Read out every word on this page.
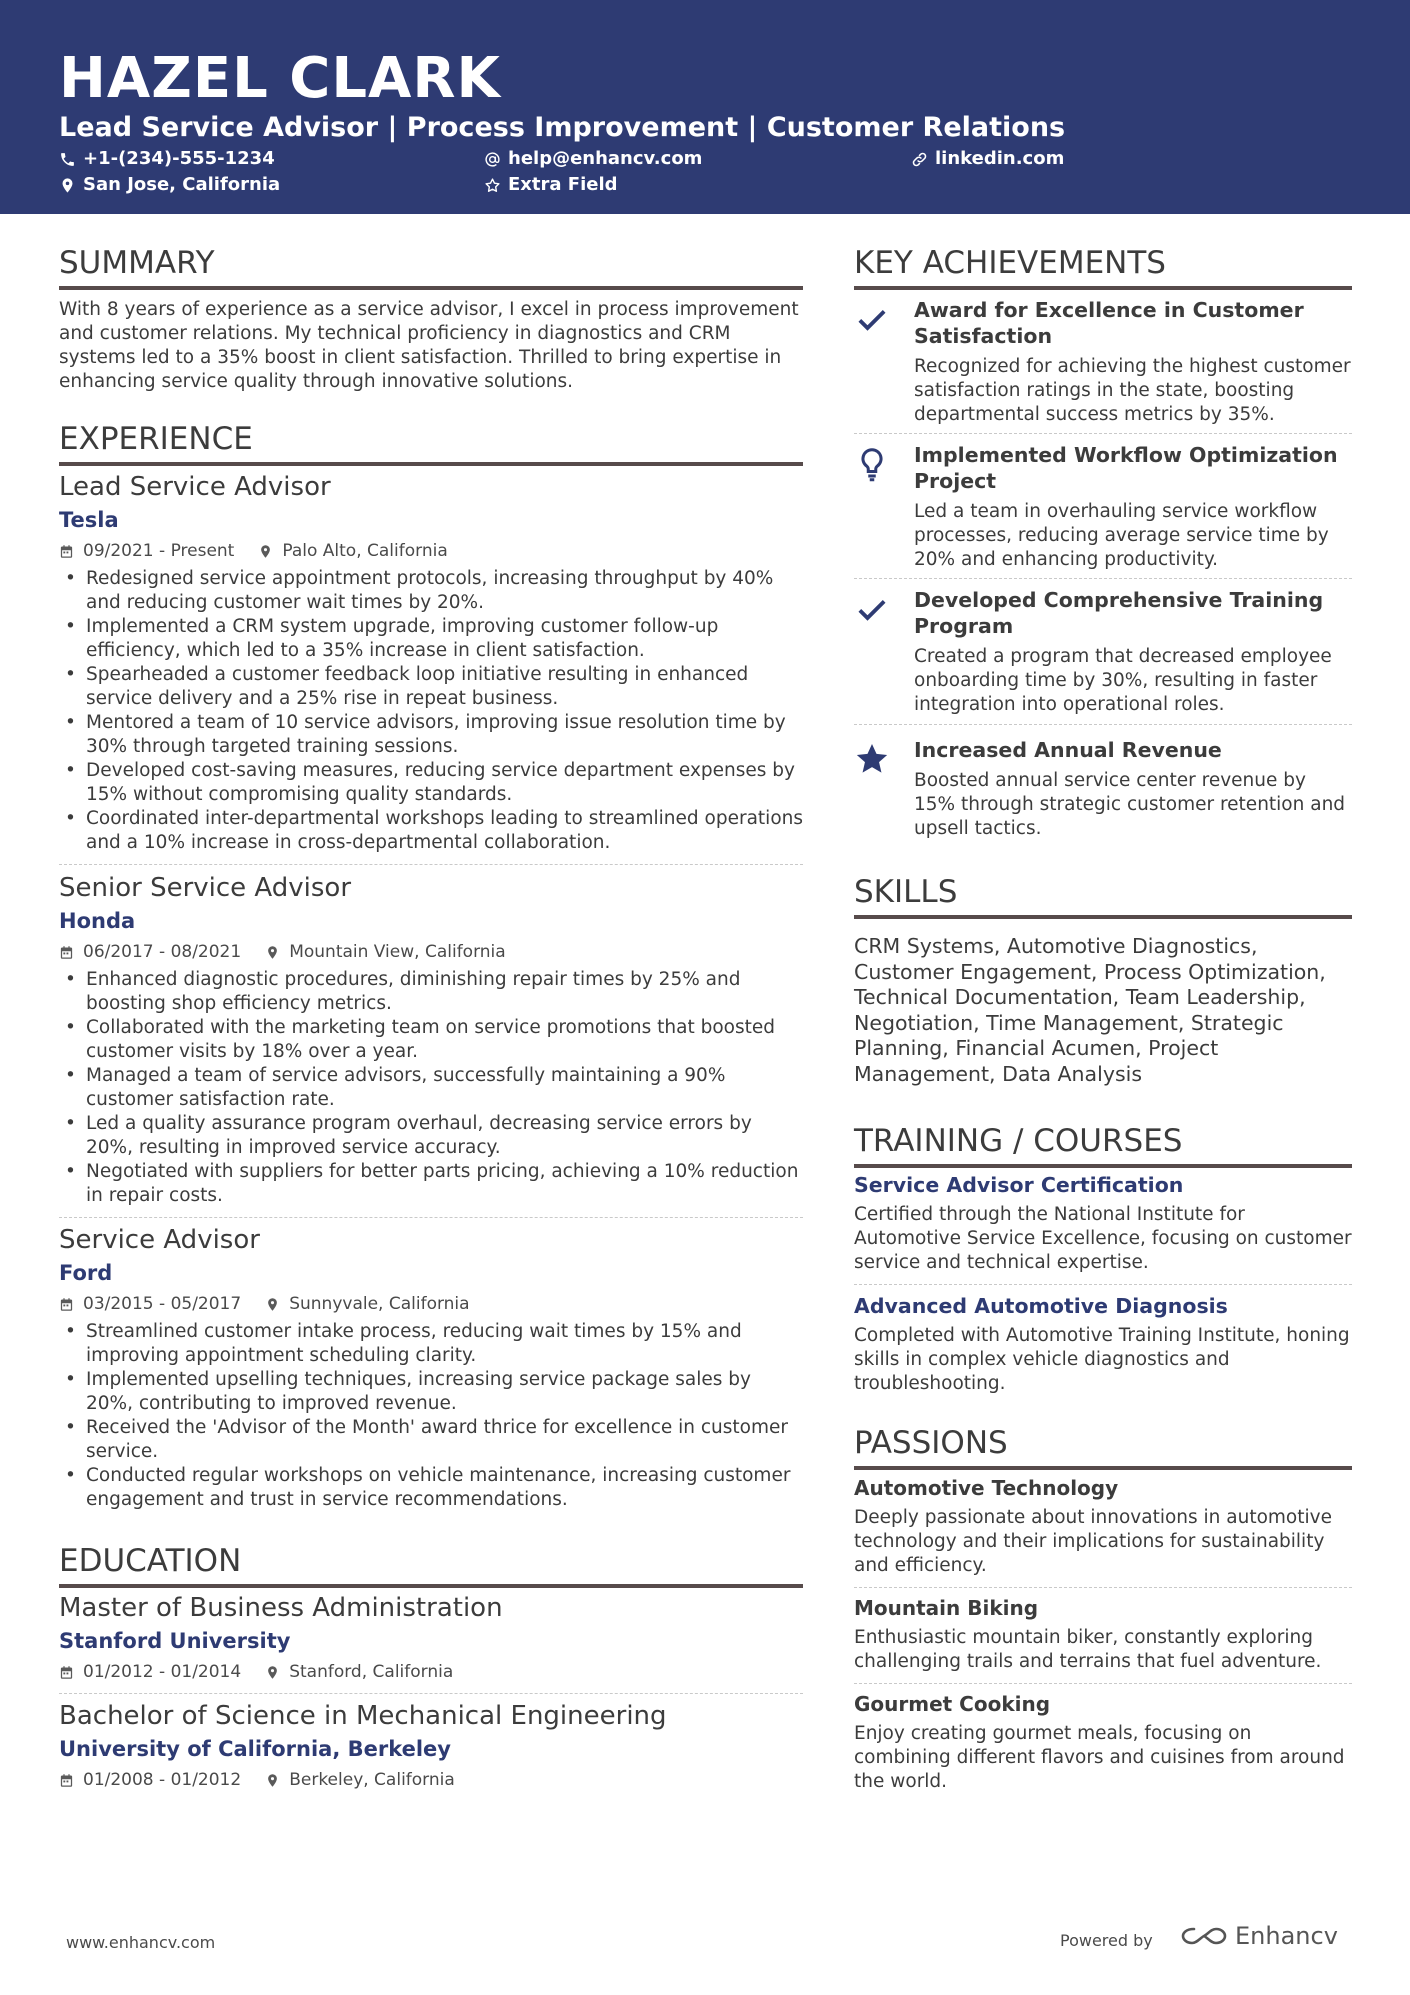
HAZEL CLARK
Lead Service Advisor | Process Improvement | Customer Relations
+1-(234)-555-1234	help@enhancv.com	linkedin.com
San Jose, California	Extra Field
SUMMARY
With 8 years of experience as a service advisor, I excel in process improvement and customer relations. My technical proficiency in diagnostics and CRM systems led to a 35% boost in client satisfaction. Thrilled to bring expertise in enhancing service quality through innovative solutions.
EXPERIENCE
Lead Service Advisor
Tesla
09/2021 - Present	Palo Alto, California
• Redesigned service appointment protocols, increasing throughput by 40% and reducing customer wait times by 20%.
• Implemented a CRM system upgrade, improving customer follow-up efficiency, which led to a 35% increase in client satisfaction.
• Spearheaded a customer feedback loop initiative resulting in enhanced service delivery and a 25% rise in repeat business.
• Mentored a team of 10 service advisors, improving issue resolution time by 30% through targeted training sessions.
• Developed cost-saving measures, reducing service department expenses by 15% without compromising quality standards.
• Coordinated inter-departmental workshops leading to streamlined operations and a 10% increase in cross-departmental collaboration.
Senior Service Advisor
Honda
06/2017 - 08/2021	Mountain View, California
• Enhanced diagnostic procedures, diminishing repair times by 25% and boosting shop efficiency metrics.
• Collaborated with the marketing team on service promotions that boosted customer visits by 18% over a year.
• Managed a team of service advisors, successfully maintaining a 90% customer satisfaction rate.
• Led a quality assurance program overhaul, decreasing service errors by 20%, resulting in improved service accuracy.
• Negotiated with suppliers for better parts pricing, achieving a 10% reduction in repair costs.
Service Advisor
Ford
03/2015 - 05/2017	Sunnyvale, California
• Streamlined customer intake process, reducing wait times by 15% and improving appointment scheduling clarity.
• Implemented upselling techniques, increasing service package sales by 20%, contributing to improved revenue.
• Received the 'Advisor of the Month' award thrice for excellence in customer service.
• Conducted regular workshops on vehicle maintenance, increasing customer engagement and trust in service recommendations.
EDUCATION
Master of Business Administration
Stanford University
01/2012 - 01/2014	Stanford, California
Bachelor of Science in Mechanical Engineering
University of California, Berkeley
01/2008 - 01/2012	Berkeley, California
KEY ACHIEVEMENTS
Award for Excellence in Customer Satisfaction
Recognized for achieving the highest customer satisfaction ratings in the state, boosting departmental success metrics by 35%.
Implemented Workflow Optimization Project
Led a team in overhauling service workflow processes, reducing average service time by 20% and enhancing productivity.
Developed Comprehensive Training Program
Created a program that decreased employee onboarding time by 30%, resulting in faster integration into operational roles.
Increased Annual Revenue
Boosted annual service center revenue by 15% through strategic customer retention and upsell tactics.
SKILLS
CRM Systems, Automotive Diagnostics, Customer Engagement, Process Optimization, Technical Documentation, Team Leadership, Negotiation, Time Management, Strategic Planning, Financial Acumen, Project Management, Data Analysis
TRAINING / COURSES
Service Advisor Certification
Certified through the National Institute for Automotive Service Excellence, focusing on customer service and technical expertise.
Advanced Automotive Diagnosis
Completed with Automotive Training Institute, honing skills in complex vehicle diagnostics and troubleshooting.
PASSIONS
Automotive Technology
Deeply passionate about innovations in automotive technology and their implications for sustainability and efficiency.
Mountain Biking
Enthusiastic mountain biker, constantly exploring challenging trails and terrains that fuel adventure.
Gourmet Cooking
Enjoy creating gourmet meals, focusing on combining different flavors and cuisines from around the world.
www.enhancv.com	Powered by	Enhancv
